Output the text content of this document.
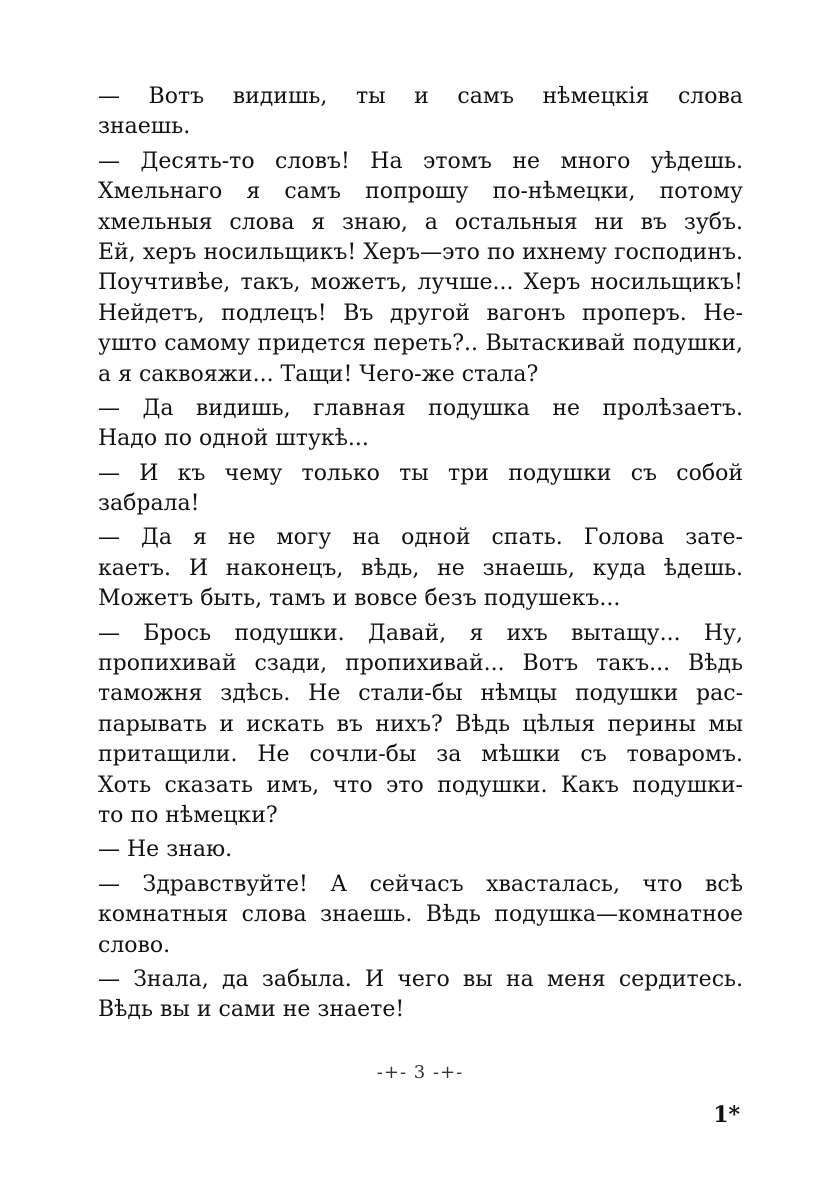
— Вотъ видишь, ты и самъ нѣмецкія слова
знаешь.
— Десять-то словъ! На этомъ не много уѣдешь.
Хмельнаго я самъ попрошу по-нѣмецки, потому
хмельныя слова я знаю, а остальныя ни въ зубъ.
Ей, херъ носильщикъ! Херъ—это по ихнему господинъ.
Поучтивѣе, такъ, можетъ, лучше... Херъ носильщикъ!
Нейдетъ, подлецъ! Въ другой вагонъ проперъ. Не-
ушто самому придется переть?.. Вытаскивай подушки,
а я саквояжи... Тащи! Чего-же стала?
— Да видишь, главная подушка не пролѣзаетъ.
Надо по одной штукѣ...
— И къ чему только ты три подушки съ собой
забрала!
— Да я не могу на одной спать. Голова зате-
каетъ. И наконецъ, вѣдь, не знаешь, куда ѣдешь.
Можетъ быть, тамъ и вовсе безъ подушекъ...
— Брось подушки. Давай, я ихъ вытащу... Ну,
пропихивай сзади, пропихивай... Вотъ такъ... Вѣдь
таможня здѣсь. Не стали-бы нѣмцы подушки рас-
парывать и искать въ нихъ? Вѣдь цѣлыя перины мы
притащили. Не сочли-бы за мѣшки съ товаромъ.
Хоть сказать имъ, что это подушки. Какъ подушки-
то по нѣмецки?
— Не знаю.
— Здравствуйте! А сейчасъ хвасталась, что всѣ
комнатныя слова знаешь. Вѣдь подушка—комнатное
слово.
— Знала, да забыла. И чего вы на меня сердитесь.
Вѣдь вы и сами не знаете!
-+- 3 -+-
1*
